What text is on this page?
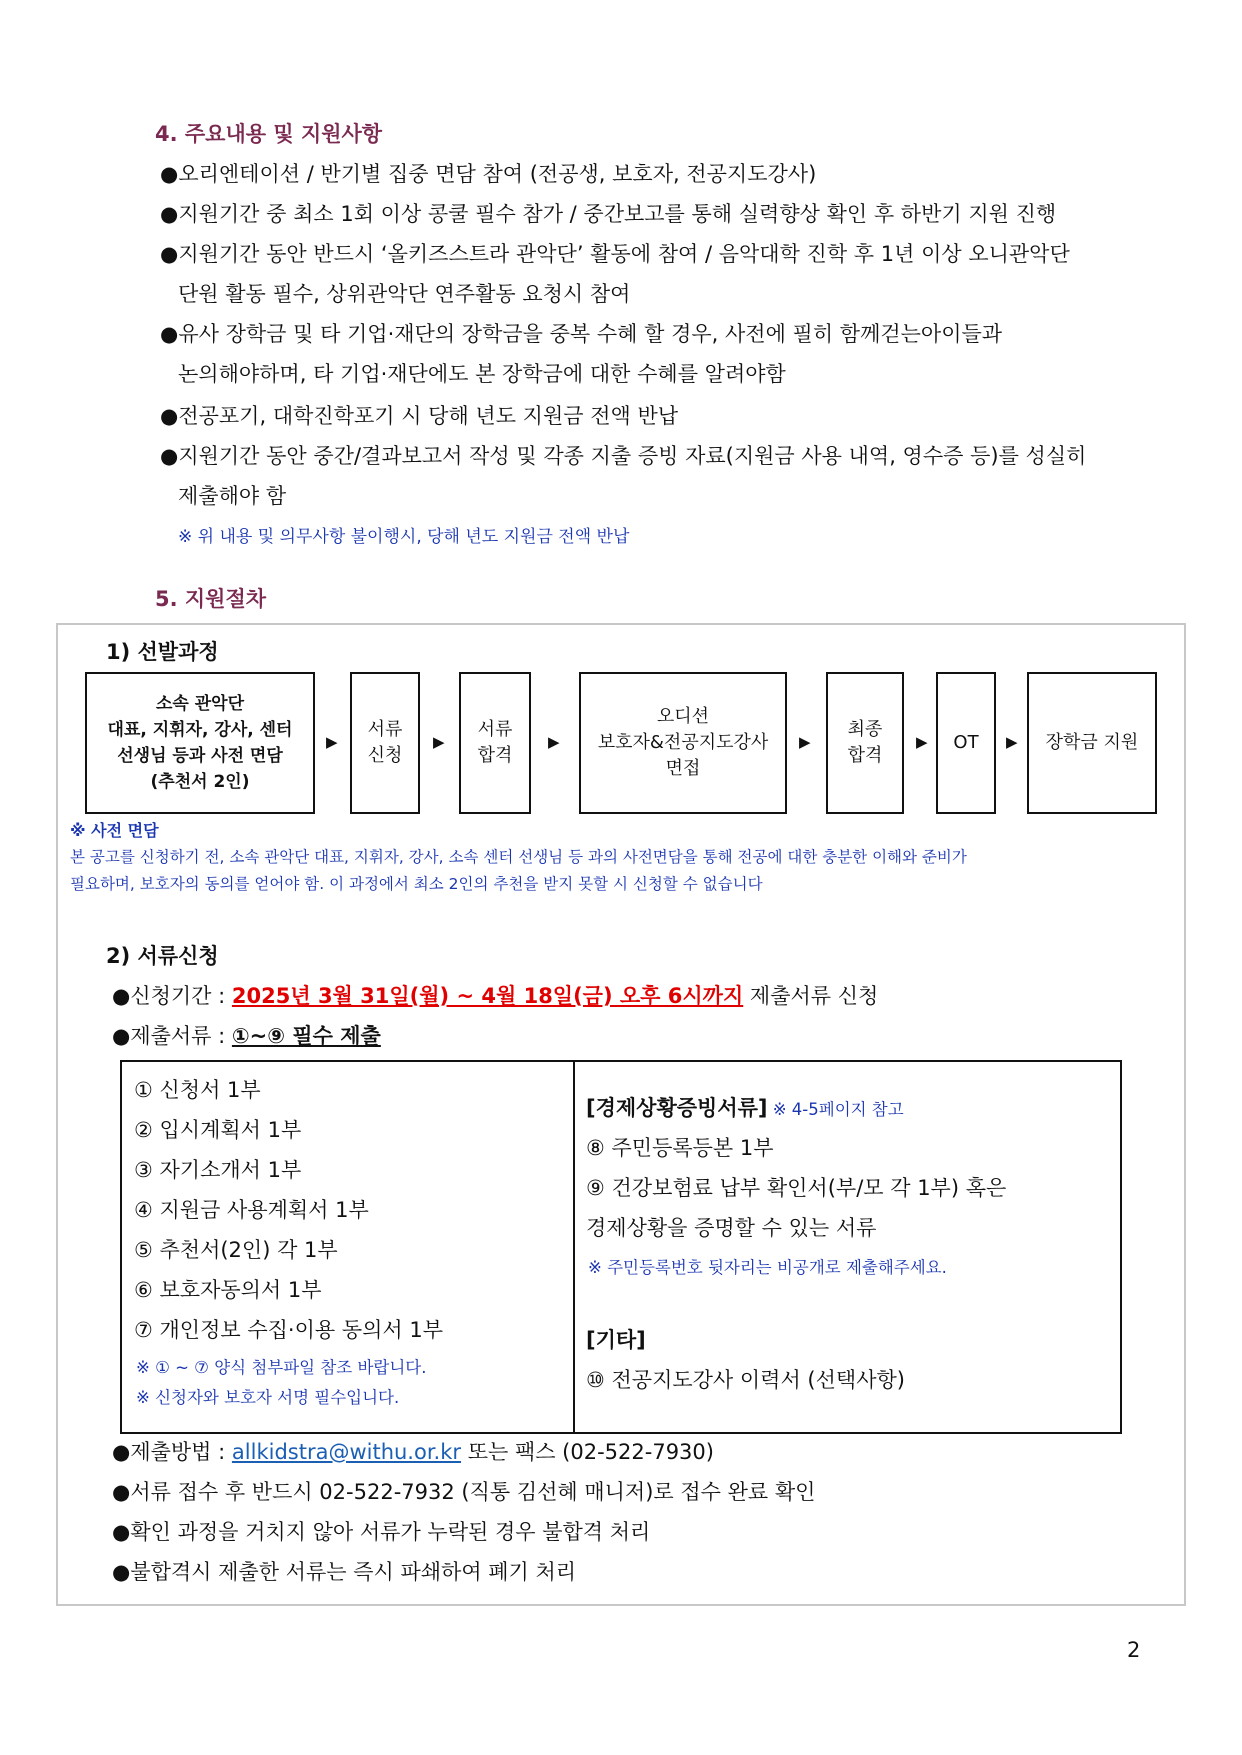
4. 주요내용 및 지원사항
●오리엔테이션 / 반기별 집중 면담 참여 (전공생, 보호자, 전공지도강사)
●지원기간 중 최소 1회 이상 콩쿨 필수 참가 / 중간보고를 통해 실력향상 확인 후 하반기 지원 진행
●지원기간 동안 반드시 ‘올키즈스트라 관악단’ 활동에 참여 / 음악대학 진학 후 1년 이상 오니관악단
단원 활동 필수, 상위관악단 연주활동 요청시 참여
●유사 장학금 및 타 기업·재단의 장학금을 중복 수혜 할 경우, 사전에 필히 함께걷는아이들과
논의해야하며, 타 기업·재단에도 본 장학금에 대한 수혜를 알려야함
●전공포기, 대학진학포기 시 당해 년도 지원금 전액 반납
●지원기간 동안 중간/결과보고서 작성 및 각종 지출 증빙 자료(지원금 사용 내역, 영수증 등)를 성실히
제출해야 함
※ 위 내용 및 의무사항 불이행시, 당해 년도 지원금 전액 반납
5. 지원절차
1) 선발과정
소속 관악단
대표, 지휘자, 강사, 센터
선생님 등과 사전 면담
(추천서 2인)
▶
서류
신청
▶
서류
합격
▶
오디션
보호자&전공지도강사
면접
▶
최종
합격
▶ OT ▶ 장학금 지원
※ 사전 면담
본 공고를 신청하기 전, 소속 관악단 대표, 지휘자, 강사, 소속 센터 선생님 등 과의 사전면담을 통해 전공에 대한 충분한 이해와 준비가
필요하며, 보호자의 동의를 얻어야 함. 이 과정에서 최소 2인의 추천을 받지 못할 시 신청할 수 없습니다
2) 서류신청
●신청기간 : 2025년 3월 31일(월) ~ 4월 18일(금) 오후 6시까지 제출서류 신청
●제출서류 : ①~⑨ 필수 제출
① 신청서 1부
② 입시계획서 1부
③ 자기소개서 1부
④ 지원금 사용계획서 1부
⑤ 추천서(2인) 각 1부
⑥ 보호자동의서 1부
⑦ 개인정보 수집·이용 동의서 1부
※ ① ~ ⑦ 양식 첨부파일 참조 바랍니다.
※ 신청자와 보호자 서명 필수입니다.
[경제상황증빙서류] ※ 4-5페이지 참고
⑧ 주민등록등본 1부
⑨ 건강보험료 납부 확인서(부/모 각 1부) 혹은
경제상황을 증명할 수 있는 서류
※ 주민등록번호 뒷자리는 비공개로 제출해주세요.
[기타]
⑩ 전공지도강사 이력서 (선택사항)
●제출방법 : allkidstra@withu.or.kr 또는 팩스 (02-522-7930)
●서류 접수 후 반드시 02-522-7932 (직통 김선혜 매니저)로 접수 완료 확인
●확인 과정을 거치지 않아 서류가 누락된 경우 불합격 처리
●불합격시 제출한 서류는 즉시 파쇄하여 폐기 처리
2
